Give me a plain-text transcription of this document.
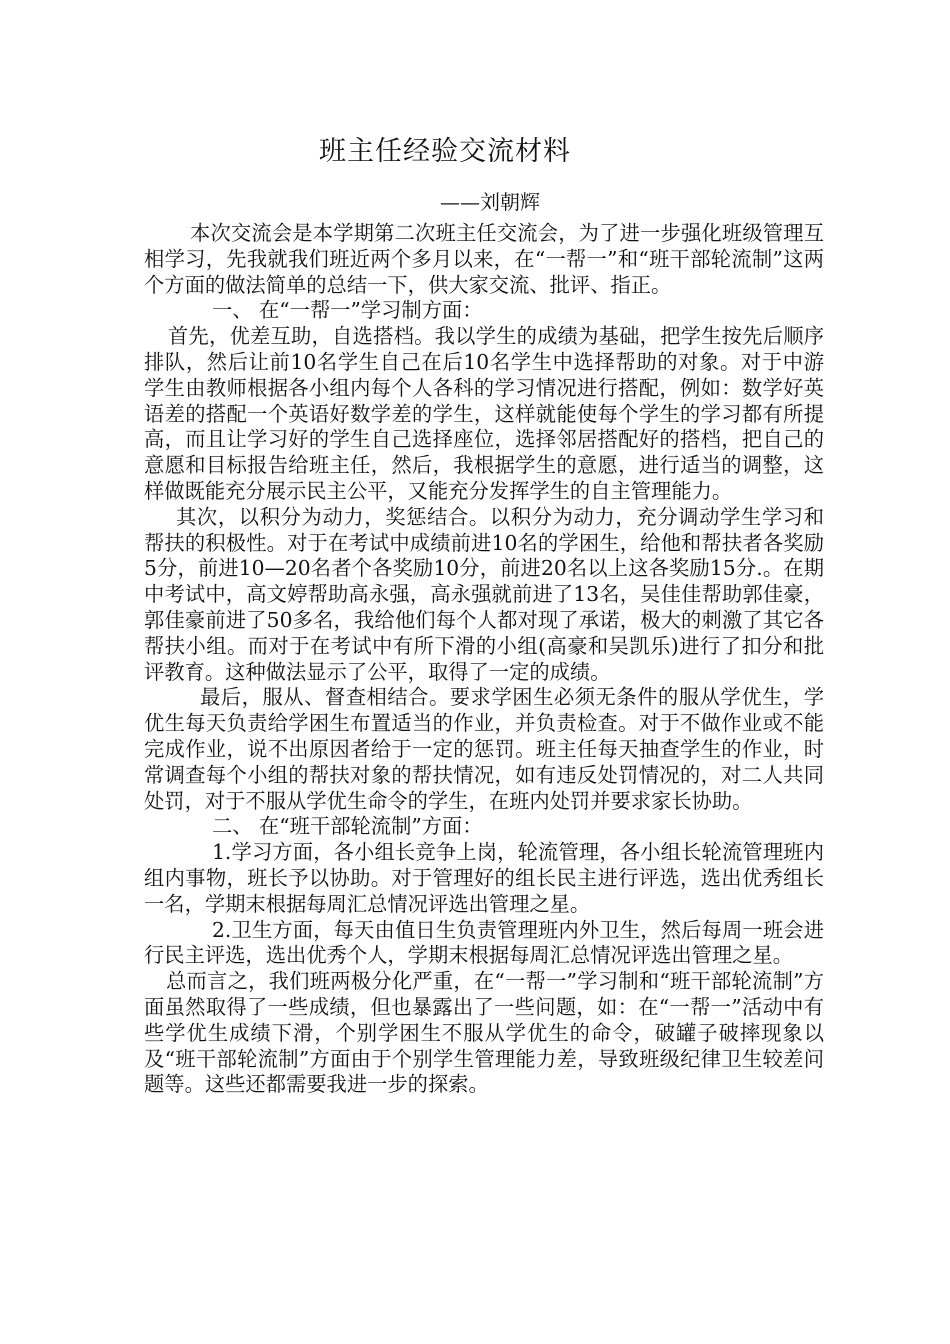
班主任经验交流材料

——刘朝辉

本次交流会是本学期第二次班主任交流会，为了进一步强化班级管理互相学习，先我就我们班近两个多月以来，在“一帮一”和“班干部轮流制”这两个方面的做法简单的总结一下，供大家交流、批评、指正。

一、 在“一帮一”学习制方面：

首先，优差互助，自选搭档。我以学生的成绩为基础，把学生按先后顺序排队，然后让前10名学生自己在后10名学生中选择帮助的对象。对于中游学生由教师根据各小组内每个人各科的学习情况进行搭配，例如：数学好英语差的搭配一个英语好数学差的学生，这样就能使每个学生的学习都有所提高，而且让学习好的学生自己选择座位，选择邻居搭配好的搭档，把自己的意愿和目标报告给班主任，然后，我根据学生的意愿，进行适当的调整，这样做既能充分展示民主公平，又能充分发挥学生的自主管理能力。

其次，以积分为动力，奖惩结合。以积分为动力，充分调动学生学习和帮扶的积极性。对于在考试中成绩前进10名的学困生，给他和帮扶者各奖励5分，前进10—20名者个各奖励10分，前进20名以上这各奖励15分.。在期中考试中，高文婷帮助高永强，高永强就前进了13名，吴佳佳帮助郭佳豪，郭佳豪前进了50多名，我给他们每个人都对现了承诺，极大的刺激了其它各帮扶小组。而对于在考试中有所下滑的小组(高豪和吴凯乐)进行了扣分和批评教育。这种做法显示了公平，取得了一定的成绩。

最后，服从、督查相结合。要求学困生必须无条件的服从学优生，学优生每天负责给学困生布置适当的作业，并负责检查。对于不做作业或不能完成作业，说不出原因者给于一定的惩罚。班主任每天抽查学生的作业，时常调查每个小组的帮扶对象的帮扶情况，如有违反处罚情况的，对二人共同处罚，对于不服从学优生命令的学生，在班内处罚并要求家长协助。

二、 在“班干部轮流制”方面：

1.学习方面，各小组长竞争上岗，轮流管理，各小组长轮流管理班内组内事物，班长予以协助。对于管理好的组长民主进行评选，选出优秀组长一名，学期末根据每周汇总情况评选出管理之星。

2.卫生方面，每天由值日生负责管理班内外卫生，然后每周一班会进行民主评选，选出优秀个人，学期末根据每周汇总情况评选出管理之星。

总而言之，我们班两极分化严重，在“一帮一”学习制和“班干部轮流制”方面虽然取得了一些成绩，但也暴露出了一些问题，如：在“一帮一”活动中有些学优生成绩下滑，个别学困生不服从学优生的命令，破罐子破摔现象以及“班干部轮流制”方面由于个别学生管理能力差，导致班级纪律卫生较差问题等。这些还都需要我进一步的探索。
